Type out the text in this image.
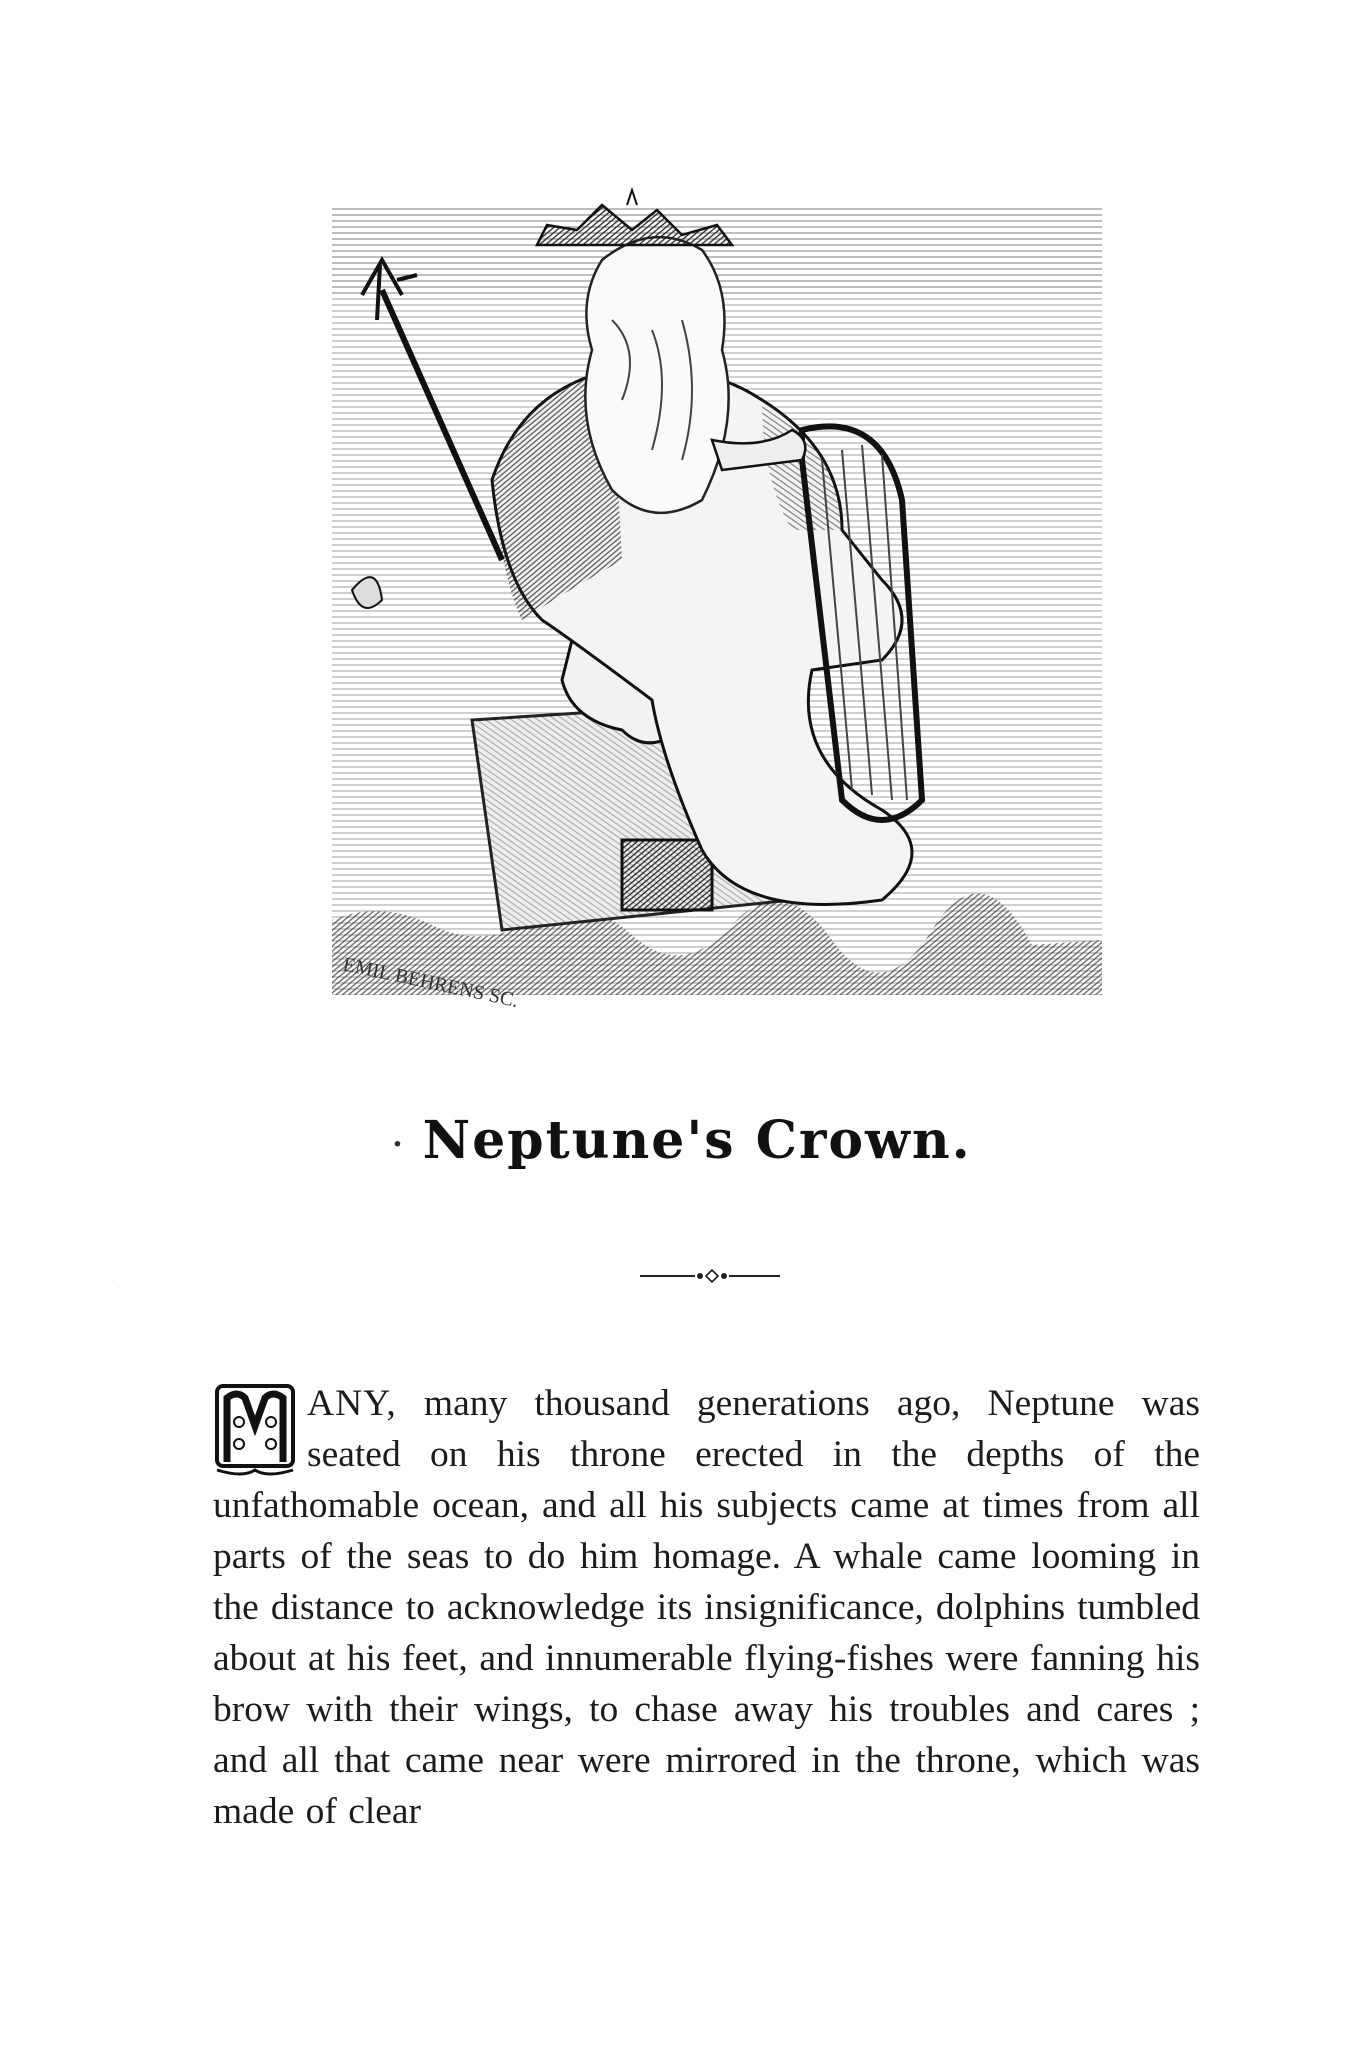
EMIL BEHRENS SC.
· Neptune's Crown.
M

ANY, many thousand generations ago, Neptune was seated on his throne erected in the depths of the unfathomable ocean, and all his subjects came at times from all parts of the seas to do him homage. A whale came looming in the distance to acknowledge its insignificance, dolphins tumbled about at his feet, and innumerable flying-fishes were fanning his brow with their wings, to chase away his troubles and cares ; and all that came near were mirrored in the throne, which was made of clear
